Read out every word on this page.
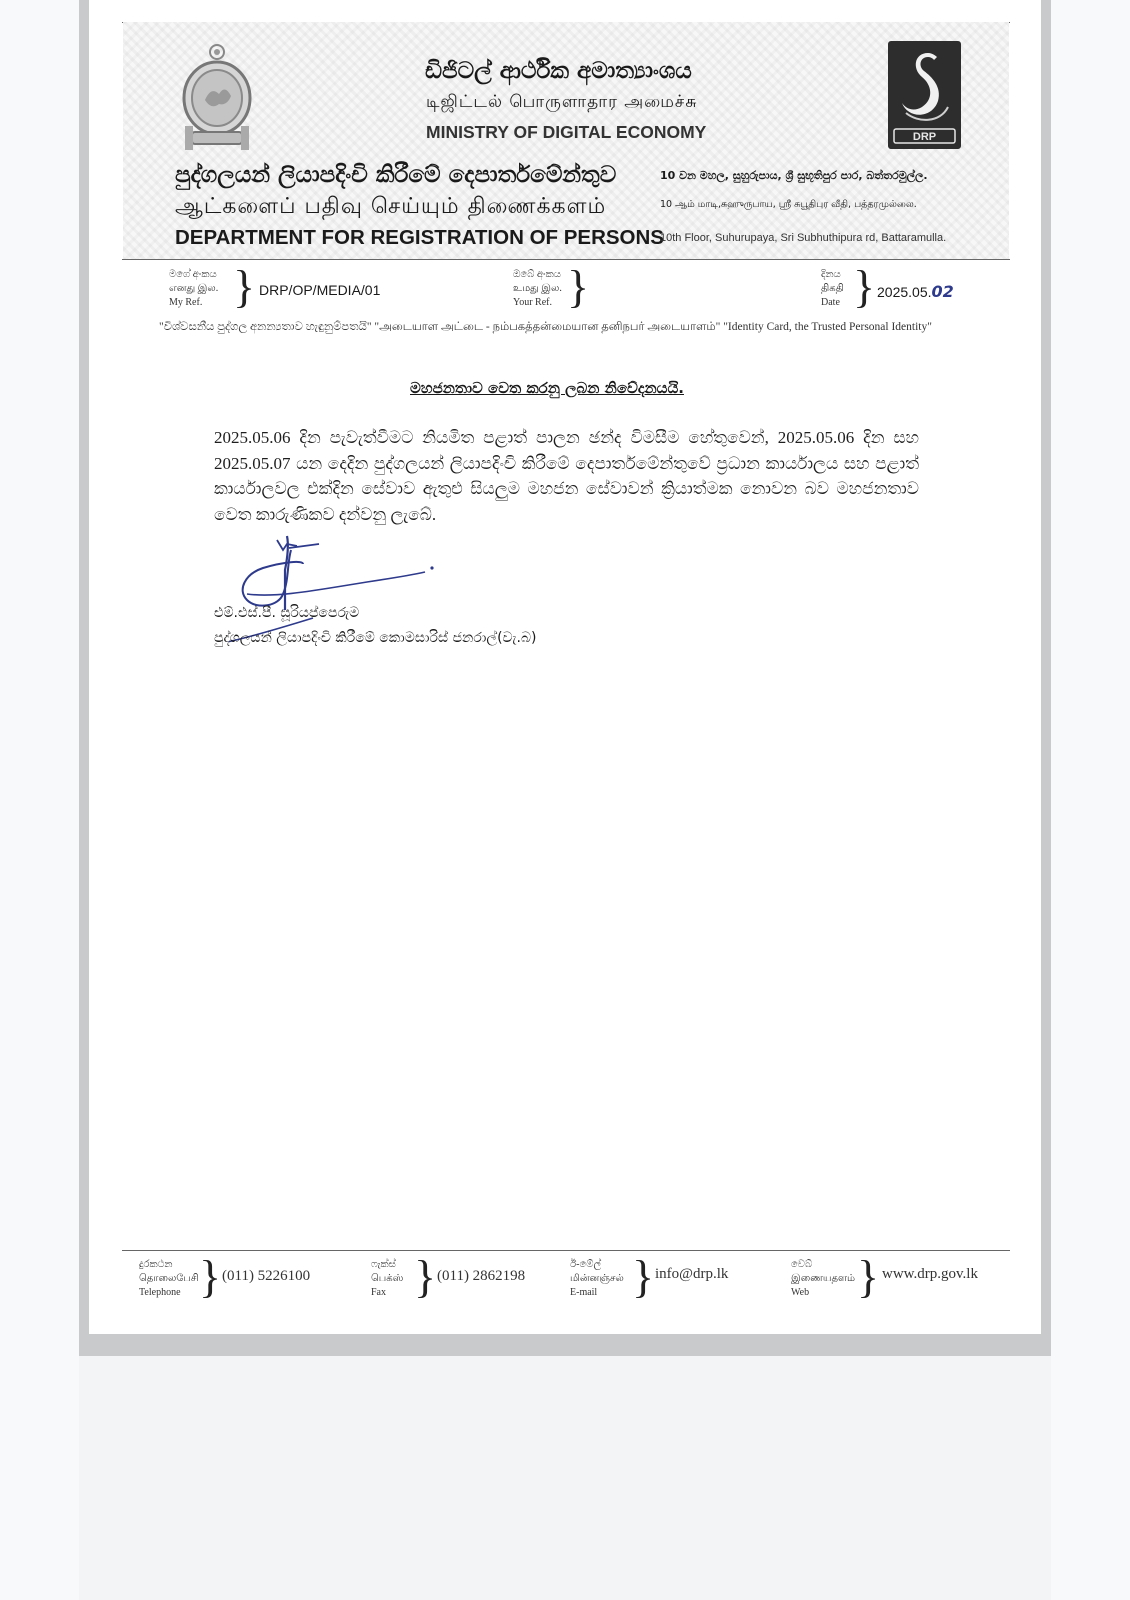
ඩිජිටල් ආර්ථික අමාත්‍යාංශය
டிஜிட்டல் பொருளாதார அமைச்சு
MINISTRY OF DIGITAL ECONOMY	DRP
පුද්ගලයන් ලියාපදිංචි කිරීමේ දෙපාර්තමේන්තුව
ஆட்களைப் பதிவு செய்யும் திணைக்களம்
DEPARTMENT FOR REGISTRATION OF PERSONS
10 වන මහල, සුහුරුපාය, ශ්‍රී සුභූතිපුර පාර, බත්තරමුල්ල.
10 ஆம் மாடி,சுஹுருபாய, ஸ்ரீ சுபூதிபுர வீதி, பத்தரமுல்லை.
10th Floor, Suhurupaya, Sri Subhuthipura rd, Battaramulla.
මගේ අංකය
எனது இல.
My Ref. } DRP/OP/MEDIA/01
ඔබේ අංකය
உமது இல.
Your Ref. }	දිනය
திகதி
Date } 2025.05.02
"විශ්වසනීය පුද්ගල අනන්‍යතාව හැඳුනුම්පතයි" "அடையாள அட்டை - நம்பகத்தன்மையான தனிநபர் அடையாளம்" "Identity Card, the Trusted Personal Identity"
මහජනතාව වෙත කරනු ලබන නිවේදනයයි.
2025.05.06 දින පැවැත්වීමට නියමිත පළාත් පාලන ඡන්ද විමසීම හේතුවෙන්, 2025.05.06 දින සහ 2025.05.07 යන දෙදින පුද්ගලයන් ලියාපදිංචි කිරීමේ දෙපාර්තමේන්තුවේ ප්‍රධාන කාර්යාලය සහ පළාත් කාර්යාලවල එක්දින සේවාව ඇතුළු සියලුම මහජන සේවාවන් ක්‍රියාත්මක නොවන බව මහජනතාව වෙත කාරුණිකව දන්වනු ලැබේ.
එම්.එස්.පී. සූරියප්පෙරුම
පුද්ගලයන් ලියාපදිංචි කිරීමේ කොමසාරිස් ජනරාල්(වැ.බ)
දුරකථන
தொலைபேசி
Telephone } (011) 5226100
ෆැක්ස්
பெக்ஸ்
Fax } (011) 2862198
ඊ-මේල්
மின்னஞ்சல்
E-mail } info@drp.lk
වෙබ්
இணையதளம்
Web	} www.drp.gov.lk
